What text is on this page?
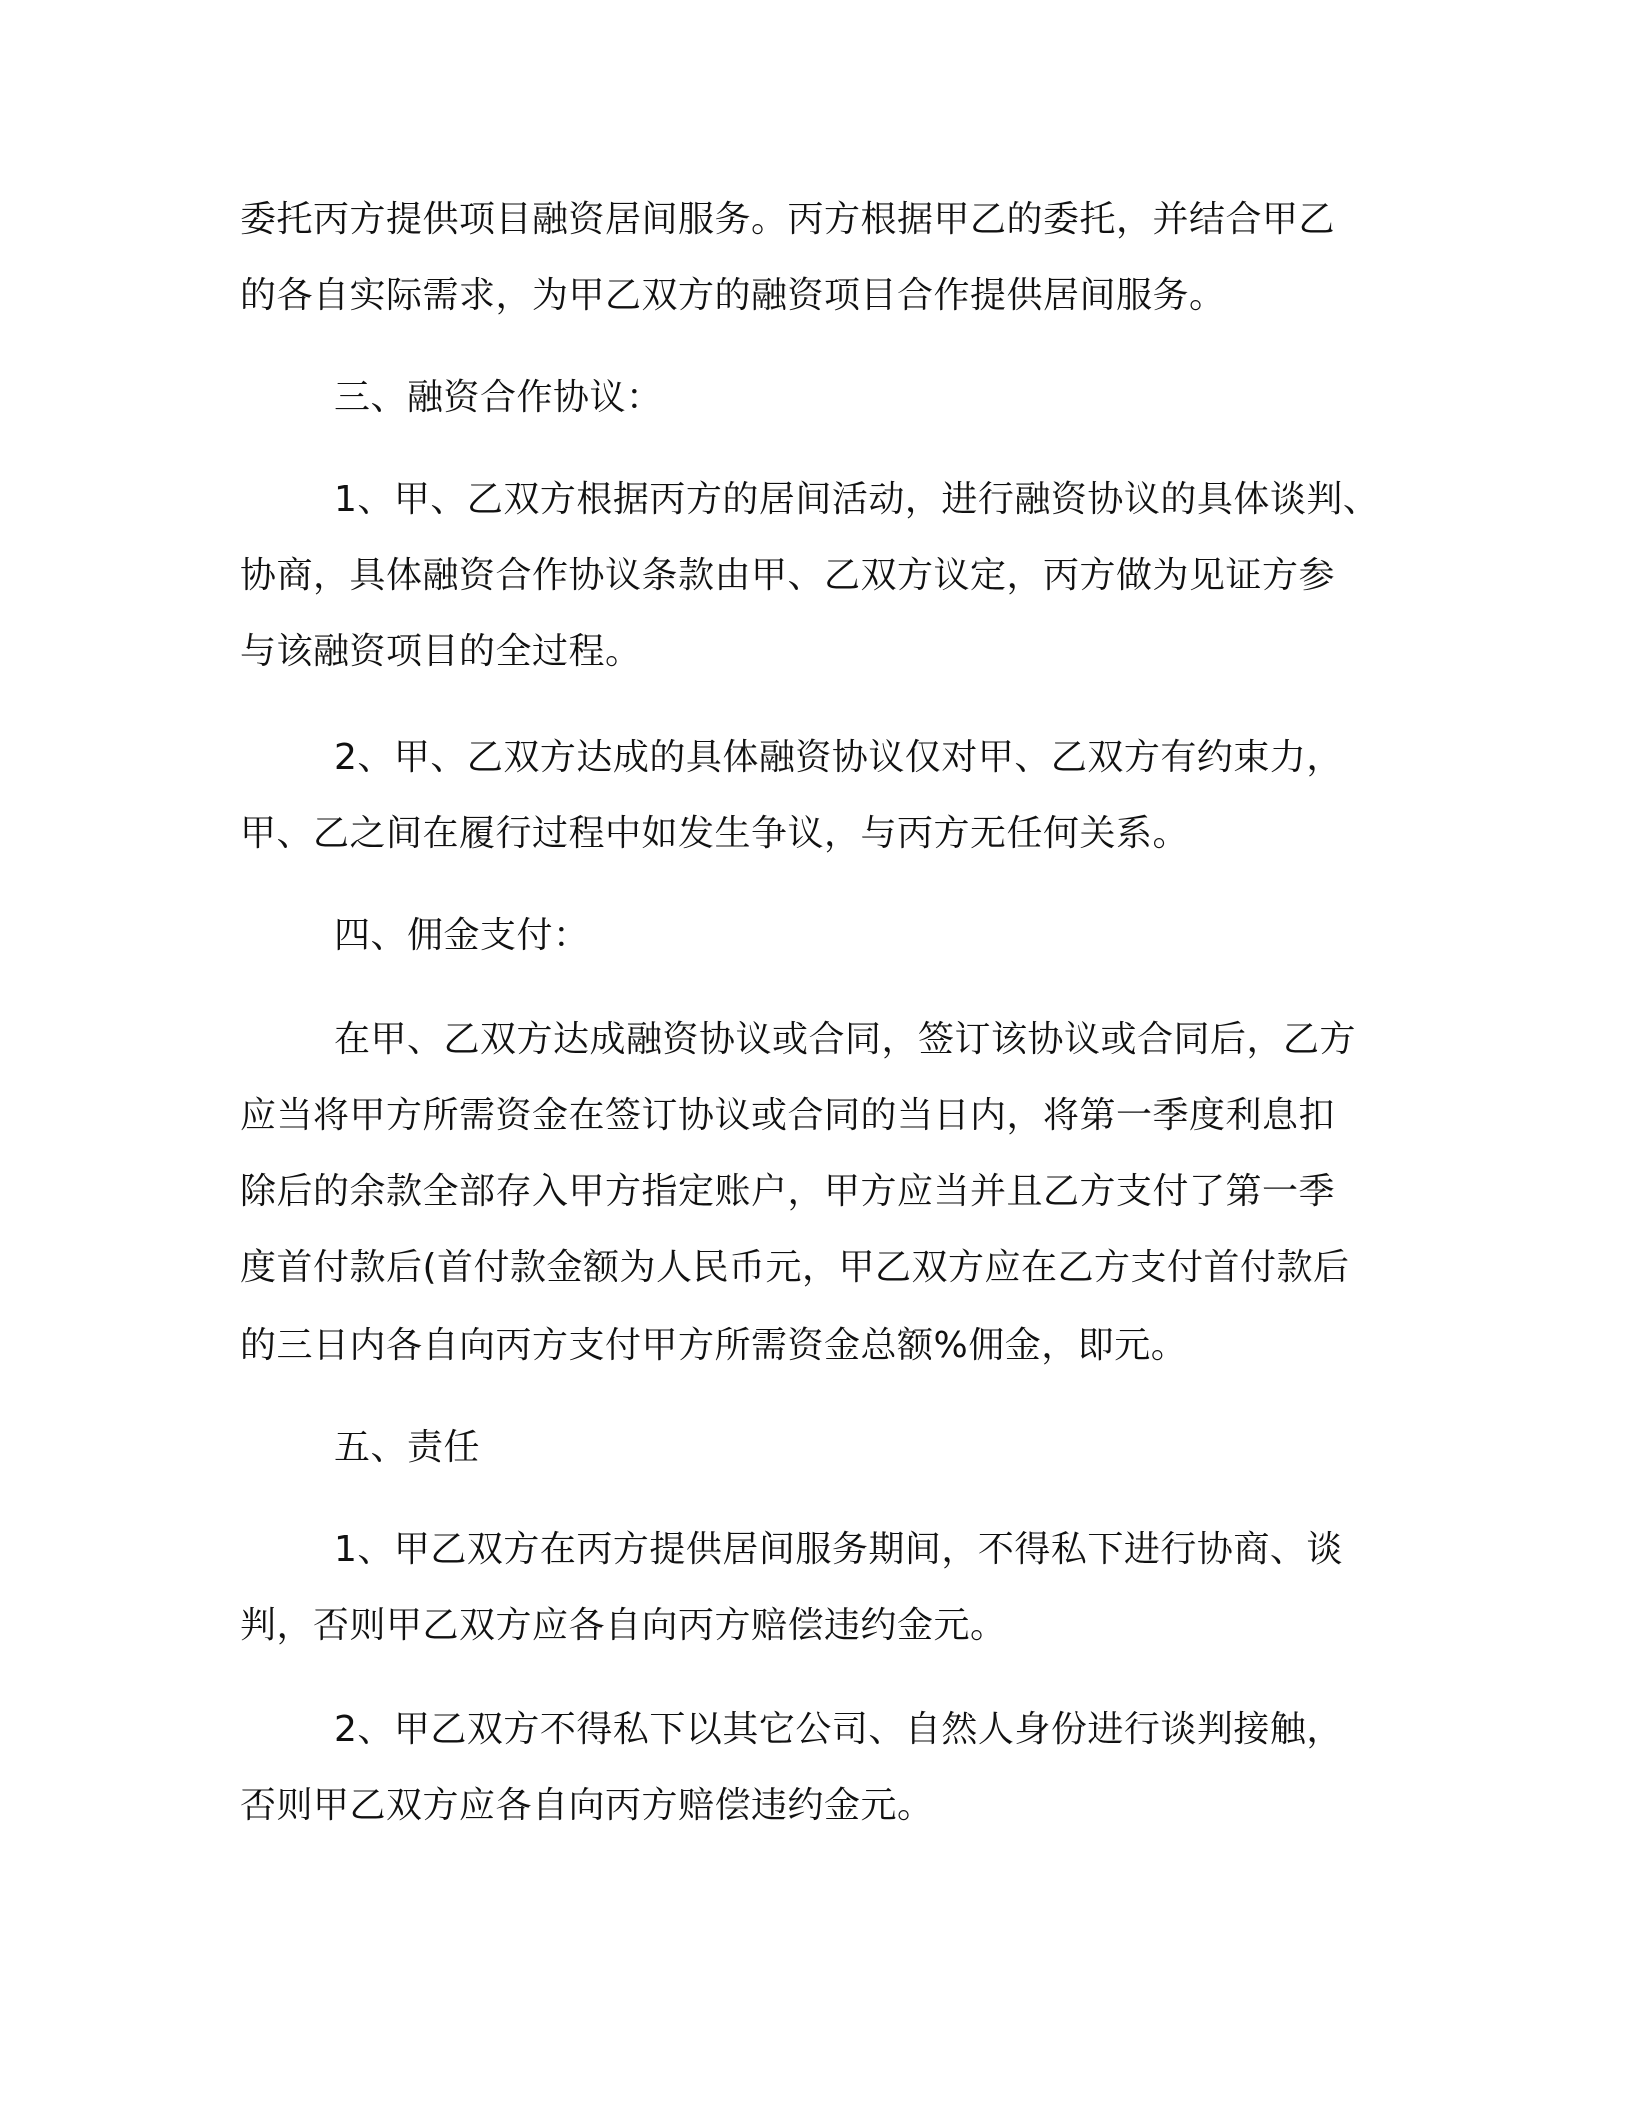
委托丙方提供项目融资居间服务。丙方根据甲乙的委托，并结合甲乙
的各自实际需求，为甲乙双方的融资项目合作提供居间服务。
三、融资合作协议：
1、甲、乙双方根据丙方的居间活动，进行融资协议的具体谈判、
协商，具体融资合作协议条款由甲、乙双方议定，丙方做为见证方参
与该融资项目的全过程。
2、甲、乙双方达成的具体融资协议仅对甲、乙双方有约束力，
甲、乙之间在履行过程中如发生争议，与丙方无任何关系。
四、佣金支付：
在甲、乙双方达成融资协议或合同，签订该协议或合同后，乙方
应当将甲方所需资金在签订协议或合同的当日内，将第一季度利息扣
除后的余款全部存入甲方指定账户，甲方应当并且乙方支付了第一季
度首付款后(首付款金额为人民币元，甲乙双方应在乙方支付首付款后
的三日内各自向丙方支付甲方所需资金总额%佣金，即元。
五、责任
1、甲乙双方在丙方提供居间服务期间，不得私下进行协商、谈
判，否则甲乙双方应各自向丙方赔偿违约金元。
2、甲乙双方不得私下以其它公司、自然人身份进行谈判接触，
否则甲乙双方应各自向丙方赔偿违约金元。
